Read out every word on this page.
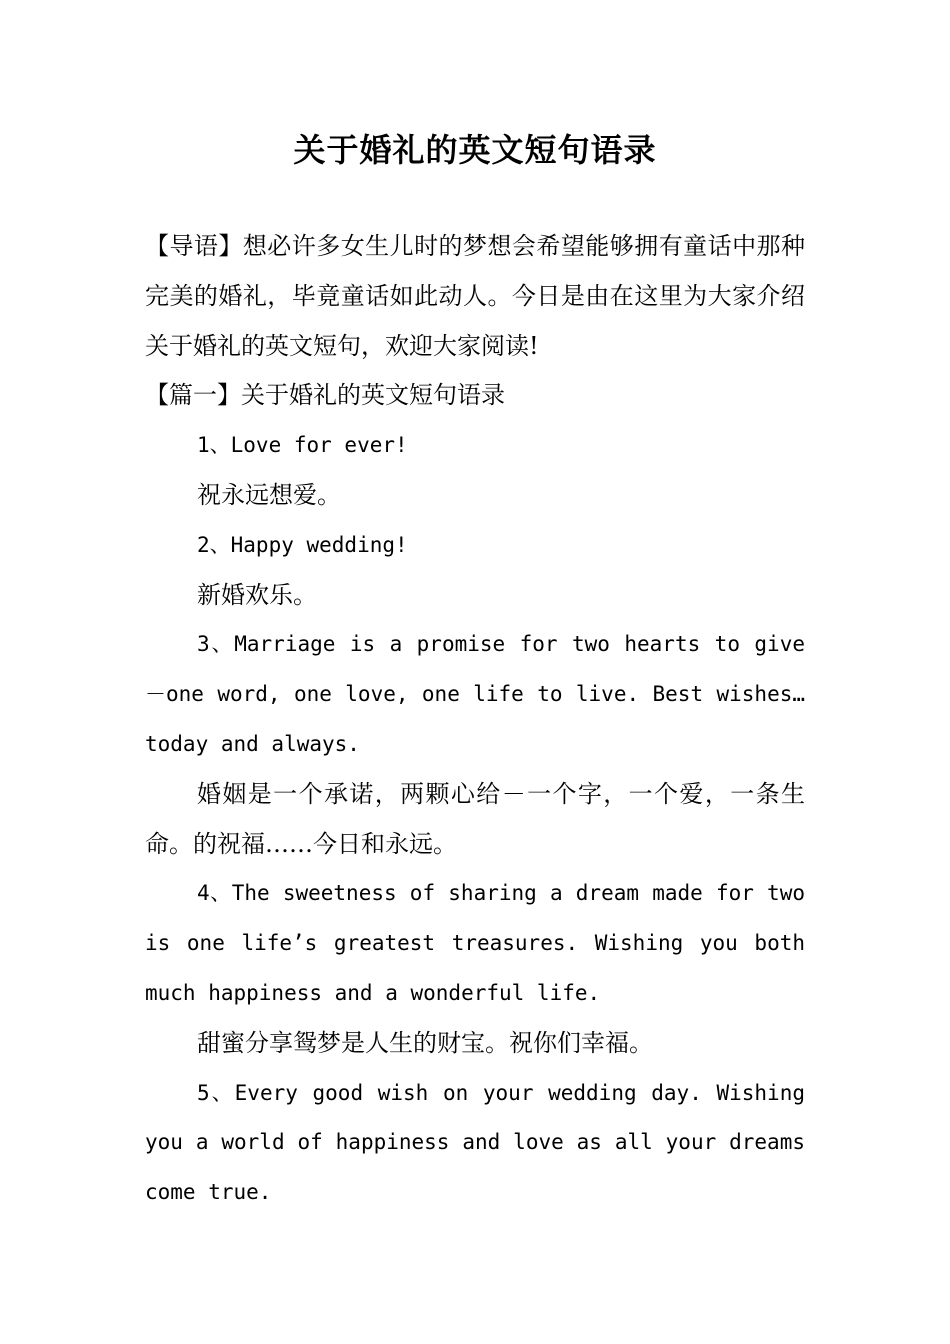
关于婚礼的英文短句语录

【导语】想必许多女生儿时的梦想会希望能够拥有童话中那种完美的婚礼，毕竟童话如此动人。今日是由在这里为大家介绍关于婚礼的英文短句，欢迎大家阅读!

【篇一】关于婚礼的英文短句语录

1、Love for ever!

祝永远想爱。

2、Happy wedding!

新婚欢乐。

3、Marriage is a promise for two hearts to give－one word, one love, one life to live. Best wishes… today and always.

婚姻是一个承诺，两颗心给－一个字，一个爱，一条生命。的祝福……今日和永远。

4、The sweetness of sharing a dream made for two is one life’s greatest treasures. Wishing you both much happiness and a wonderful life.

甜蜜分享鸳梦是人生的财宝。祝你们幸福。

5、Every good wish on your wedding day. Wishing you a world of happiness and love as all your dreams come true.
